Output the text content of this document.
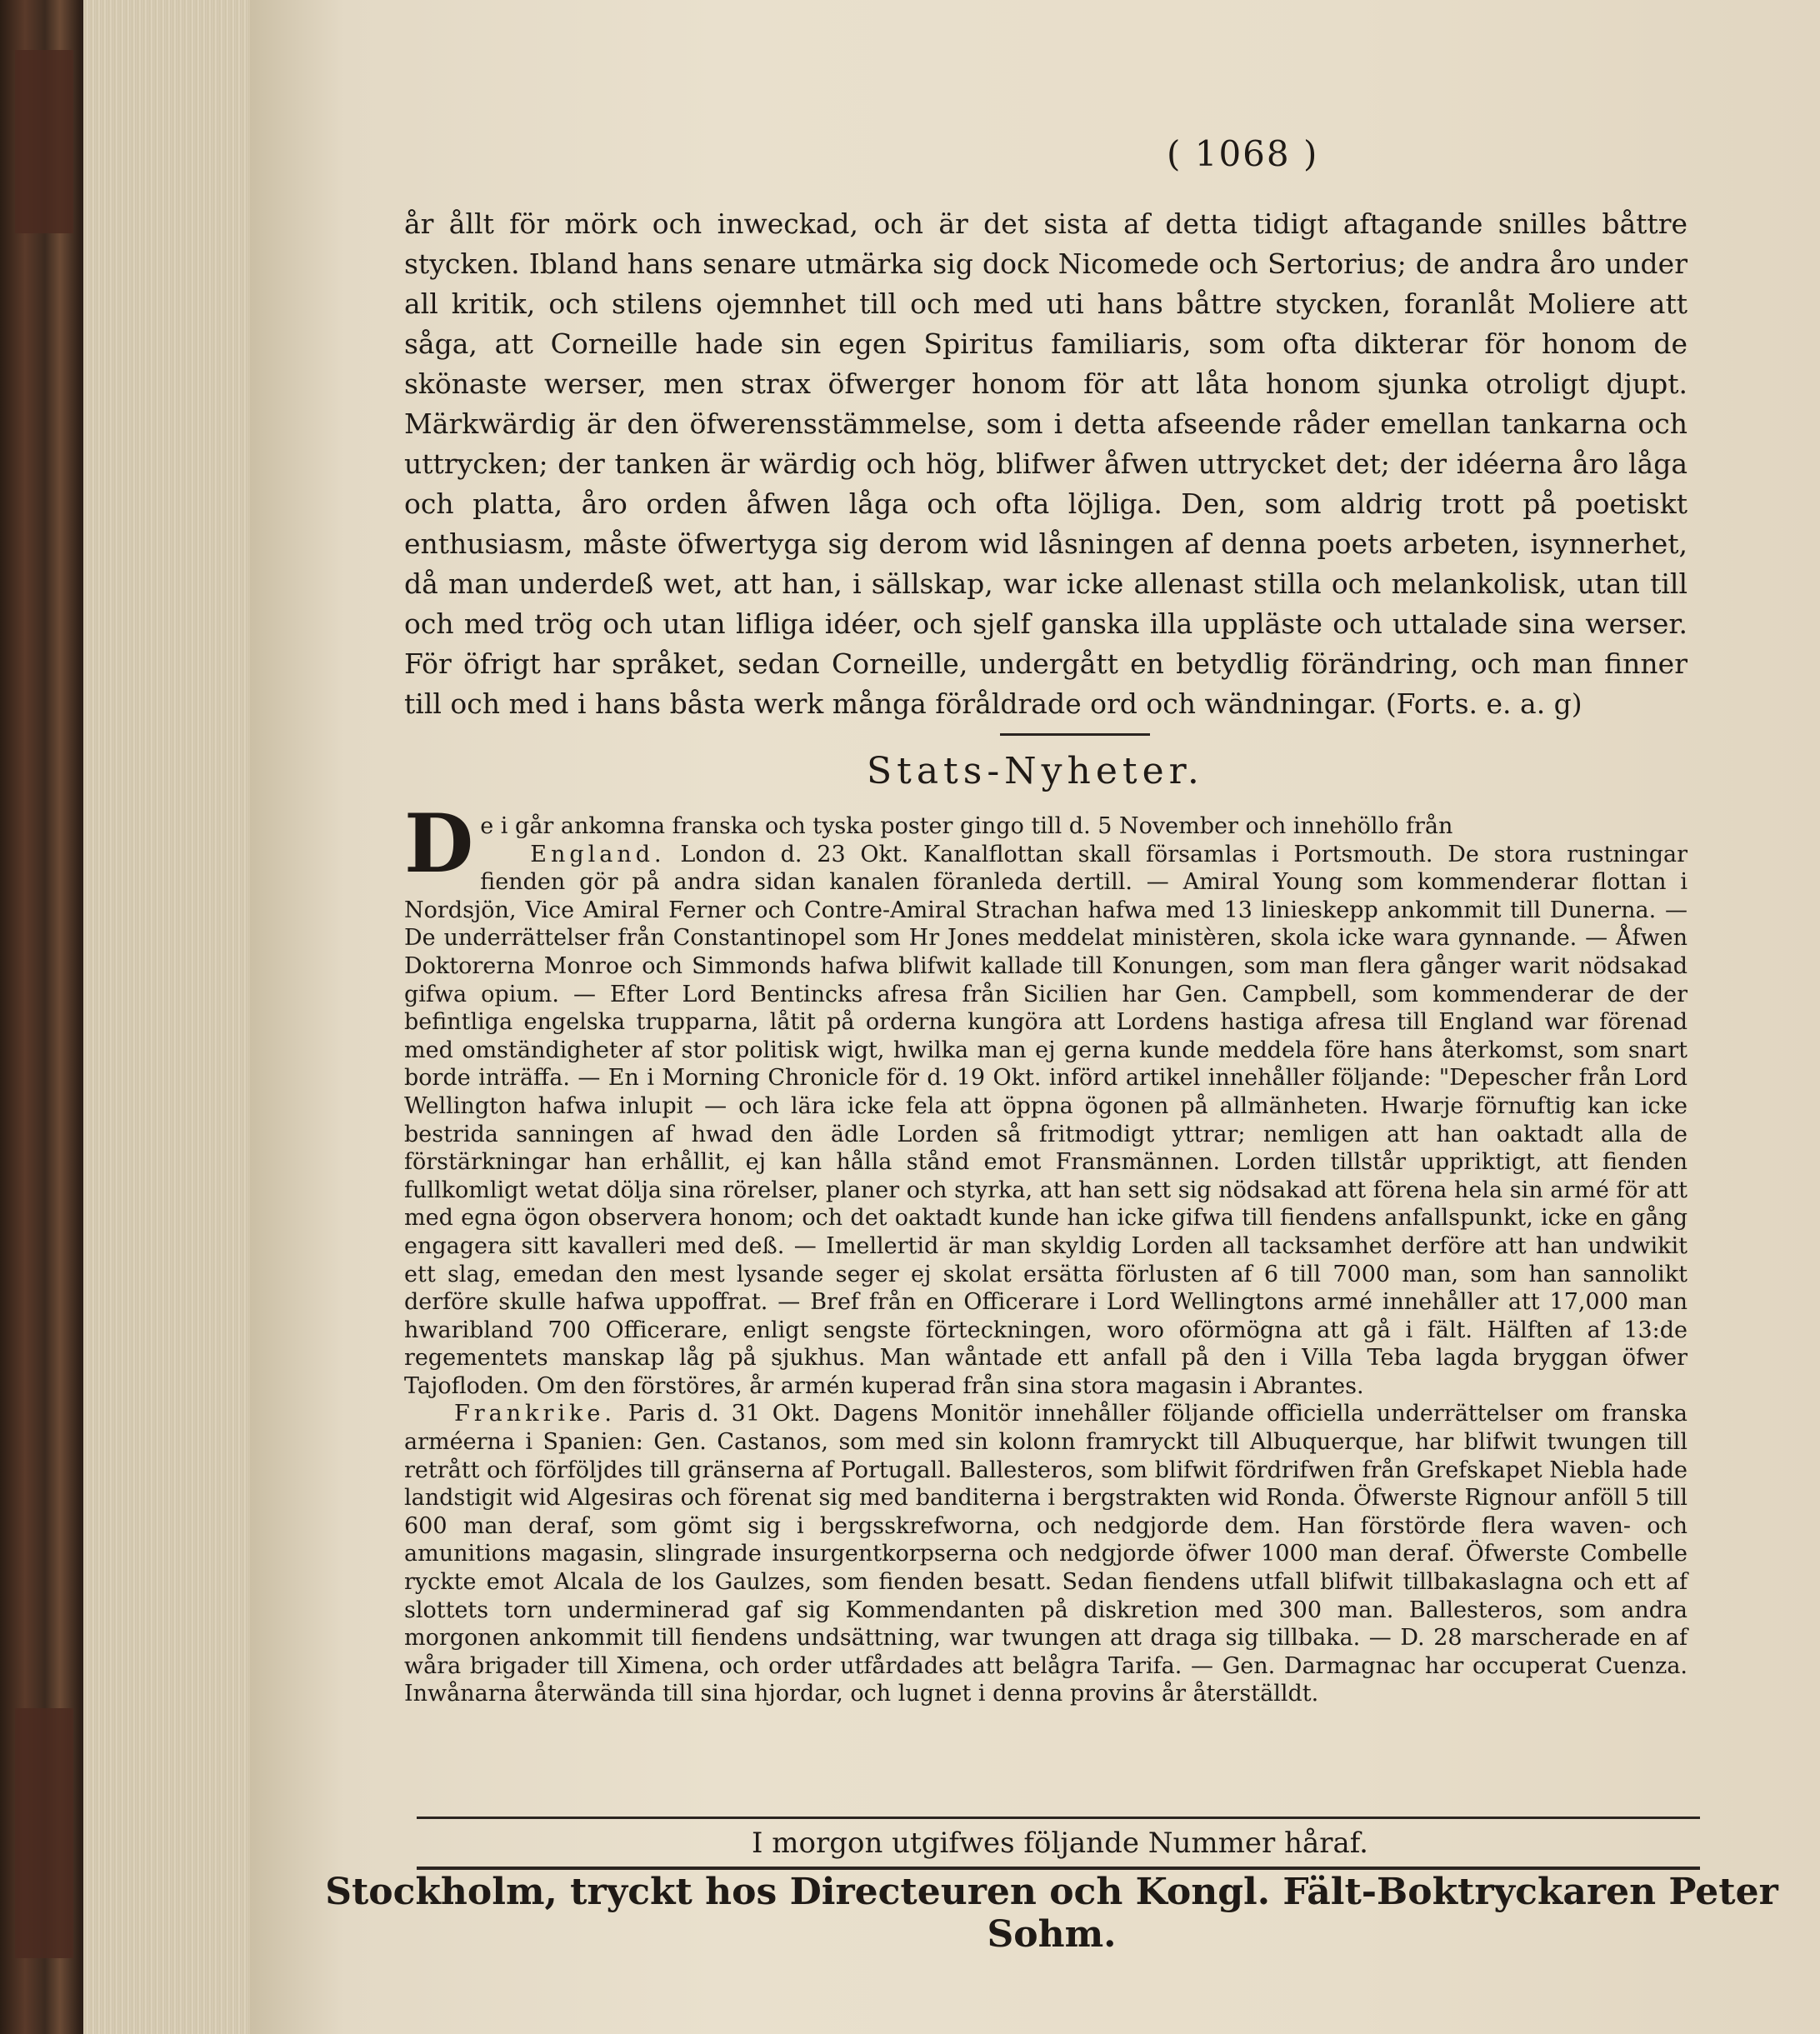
( 1068 )
år ållt för mörk och inweckad, och är det sista af detta tidigt aftagande snilles båttre stycken. Ibland hans senare utmärka sig dock Nicomede och Sertorius; de andra åro under all kritik, och stilens ojemnhet till och med uti hans båttre stycken, foranlåt Moliere att såga, att Corneille hade sin egen Spiritus familiaris, som ofta dikterar för honom de skönaste werser, men strax öfwerger honom för att låta honom sjunka otroligt djupt. Märkwärdig är den öfwerensstämmelse, som i detta afseende råder emellan tankarna och uttrycken; der tanken är wärdig och hög, blifwer åfwen uttrycket det; der idéerna åro låga och platta, åro orden åfwen låga och ofta löjliga. Den, som aldrig trott på poetiskt enthusiasm, måste öfwertyga sig derom wid låsningen af denna poets arbeten, isynnerhet, då man underdeß wet, att han, i sällskap, war icke allenast stilla och melankolisk, utan till och med trög och utan lifliga idéer, och sjelf ganska illa uppläste och uttalade sina werser. För öfrigt har språket, sedan Corneille, undergått en betydlig förändring, och man finner till och med i hans båsta werk många föråldrade ord och wändningar. (Forts. e. a. g)
Stats-Nyheter.
D e i går ankomna franska och tyska poster gingo till d. 5 November och innehöllo från

England. London d. 23 Okt. Kanalflottan skall församlas i Portsmouth. De stora rustningar fienden gör på andra sidan kanalen föranleda dertill. — Amiral Young som kommenderar flottan i Nordsjön, Vice Amiral Ferner och Contre-Amiral Strachan hafwa med 13 linieskepp ankommit till Dunerna. — De underrättelser från Constantinopel som Hr Jones meddelat ministèren, skola icke wara gynnande. — Åfwen Doktorerna Monroe och Simmonds hafwa blifwit kallade till Konungen, som man flera gånger warit nödsakad gifwa opium. — Efter Lord Bentincks afresa från Sicilien har Gen. Campbell, som kommenderar de der befintliga engelska trupparna, låtit på orderna kungöra att Lordens hastiga afresa till England war förenad med omständigheter af stor politisk wigt, hwilka man ej gerna kunde meddela före hans återkomst, som snart borde inträffa. — En i Morning Chronicle för d. 19 Okt. införd artikel innehåller följande: "Depescher från Lord Wellington hafwa inlupit — och lära icke fela att öppna ögonen på allmänheten. Hwarje förnuftig kan icke bestrida sanningen af hwad den ädle Lorden så fritmodigt yttrar; nemligen att han oaktadt alla de förstärkningar han erhållit, ej kan hålla stånd emot Fransmännen. Lorden tillstår uppriktigt, att fienden fullkomligt wetat dölja sina rörelser, planer och styrka, att han sett sig nödsakad att förena hela sin armé för att med egna ögon observera honom; och det oaktadt kunde han icke gifwa till fiendens anfallspunkt, icke en gång engagera sitt kavalleri med deß. — Imellertid är man skyldig Lorden all tacksamhet derföre att han undwikit ett slag, emedan den mest lysande seger ej skolat ersätta förlusten af 6 till 7000 man, som han sannolikt derföre skulle hafwa uppoffrat. — Bref från en Officerare i Lord Wellingtons armé innehåller att 17,000 man hwaribland 700 Officerare, enligt sengste förteckningen, woro oförmögna att gå i fält. Hälften af 13:de regementets manskap låg på sjukhus. Man wåntade ett anfall på den i Villa Teba lagda bryggan öfwer Tajofloden. Om den förstöres, år armén kuperad från sina stora magasin i Abrantes.

Frankrike. Paris d. 31 Okt. Dagens Monitör innehåller följande officiella underrättelser om franska arméerna i Spanien: Gen. Castanos, som med sin kolonn framryckt till Albuquerque, har blifwit twungen till retrått och förföljdes till gränserna af Portugall. Ballesteros, som blifwit fördrifwen från Grefskapet Niebla hade landstigit wid Algesiras och förenat sig med banditerna i bergstrakten wid Ronda. Öfwerste Rignour anföll 5 till 600 man deraf, som gömt sig i bergsskrefworna, och nedgjorde dem. Han förstörde flera waven- och amunitions magasin, slingrade insurgentkorpserna och nedgjorde öfwer 1000 man deraf. Öfwerste Combelle ryckte emot Alcala de los Gaulzes, som fienden besatt. Sedan fiendens utfall blifwit tillbakaslagna och ett af slottets torn underminerad gaf sig Kommendanten på diskretion med 300 man. Ballesteros, som andra morgonen ankommit till fiendens undsättning, war twungen att draga sig tillbaka. — D. 28 marscherade en af wåra brigader till Ximena, och order utfårdades att belågra Tarifa. — Gen. Darmagnac har occuperat Cuenza. Inwånarna återwända till sina hjordar, och lugnet i denna provins år återställdt.

I morgon utgifwes följande Nummer håraf.
Stockholm, tryckt hos Directeuren och Kongl. Fält-Boktryckaren Peter Sohm.
